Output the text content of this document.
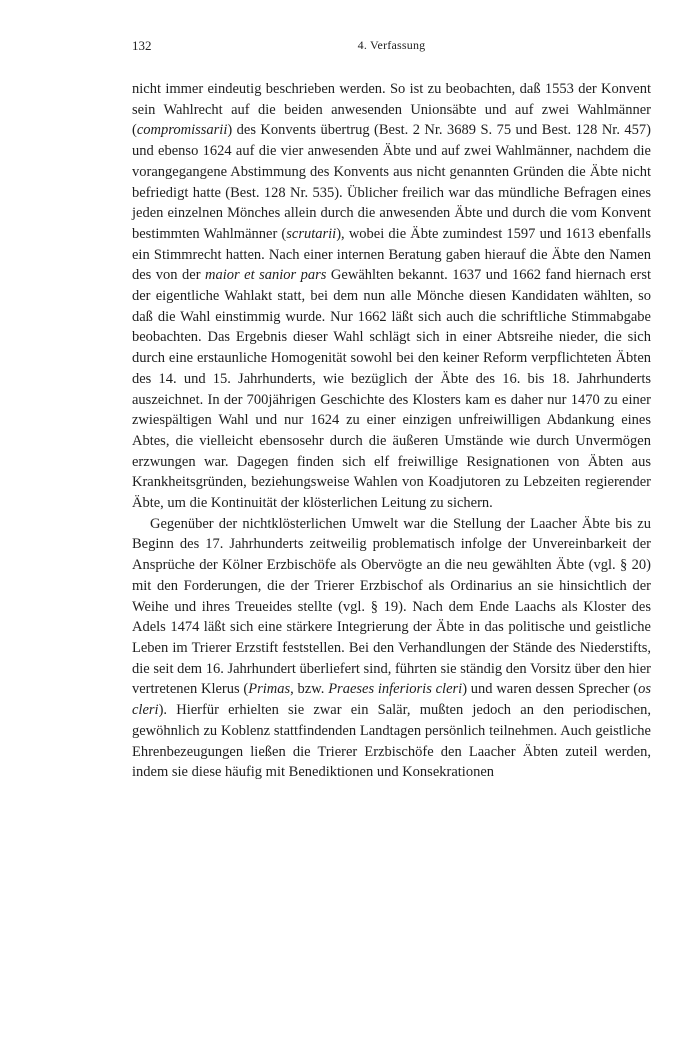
132	4. Verfassung

nicht immer eindeutig beschrieben werden. So ist zu beobachten, daß 1553 der Konvent sein Wahlrecht auf die beiden anwesenden Unionsäbte und auf zwei Wahlmänner (compromissarii) des Konvents übertrug (Best. 2 Nr. 3689 S. 75 und Best. 128 Nr. 457) und ebenso 1624 auf die vier anwesenden Äbte und auf zwei Wahlmänner, nachdem die vorangegangene Abstimmung des Konvents aus nicht genannten Gründen die Äbte nicht befriedigt hatte (Best. 128 Nr. 535). Üblicher freilich war das mündliche Befragen eines jeden einzelnen Mönches allein durch die anwesenden Äbte und durch die vom Konvent bestimmten Wahlmänner (scrutarii), wobei die Äbte zumindest 1597 und 1613 ebenfalls ein Stimmrecht hatten. Nach einer internen Beratung gaben hierauf die Äbte den Namen des von der maior et sanior pars Gewählten bekannt. 1637 und 1662 fand hiernach erst der eigentliche Wahlakt statt, bei dem nun alle Mönche diesen Kandidaten wählten, so daß die Wahl einstimmig wurde. Nur 1662 läßt sich auch die schriftliche Stimmabgabe beobachten. Das Ergebnis dieser Wahl schlägt sich in einer Abtsreihe nieder, die sich durch eine erstaunliche Homogenität sowohl bei den keiner Reform verpflichteten Äbten des 14. und 15. Jahrhunderts, wie bezüglich der Äbte des 16. bis 18. Jahrhunderts auszeichnet. In der 700jährigen Geschichte des Klosters kam es daher nur 1470 zu einer zwiespältigen Wahl und nur 1624 zu einer einzigen unfreiwilligen Abdankung eines Abtes, die vielleicht ebensosehr durch die äußeren Umstände wie durch Unvermögen erzwungen war. Dagegen finden sich elf freiwillige Resignationen von Äbten aus Krankheitsgründen, beziehungsweise Wahlen von Koadjutoren zu Lebzeiten regierender Äbte, um die Kontinuität der klösterlichen Leitung zu sichern.

Gegenüber der nichtklösterlichen Umwelt war die Stellung der Laacher Äbte bis zu Beginn des 17. Jahrhunderts zeitweilig problematisch infolge der Unvereinbarkeit der Ansprüche der Kölner Erzbischöfe als Obervögte an die neu gewählten Äbte (vgl. § 20) mit den Forderungen, die der Trierer Erzbischof als Ordinarius an sie hinsichtlich der Weihe und ihres Treueides stellte (vgl. § 19). Nach dem Ende Laachs als Kloster des Adels 1474 läßt sich eine stärkere Integrierung der Äbte in das politische und geistliche Leben im Trierer Erzstift feststellen. Bei den Verhandlungen der Stände des Niederstifts, die seit dem 16. Jahrhundert überliefert sind, führten sie ständig den Vorsitz über den hier vertretenen Klerus (Primas, bzw. Praeses inferioris cleri) und waren dessen Sprecher (os cleri). Hierfür erhielten sie zwar ein Salär, mußten jedoch an den periodischen, gewöhnlich zu Koblenz stattfindenden Landtagen persönlich teilnehmen. Auch geistliche Ehrenbezeugungen ließen die Trierer Erzbischöfe den Laacher Äbten zuteil werden, indem sie diese häufig mit Benediktionen und Konsekrationen
